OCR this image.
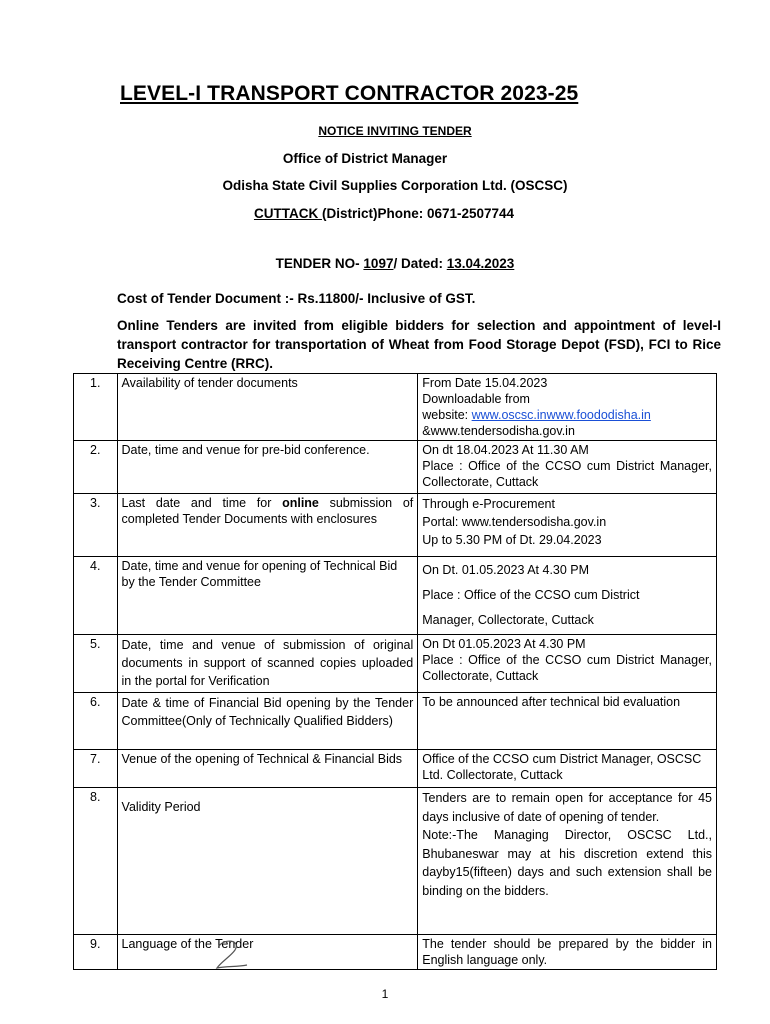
LEVEL-I TRANSPORT CONTRACTOR 2023-25
NOTICE INVITING TENDER
Office of District Manager
Odisha State Civil Supplies Corporation Ltd. (OSCSC)
CUTTACK (District)Phone: 0671-2507744
TENDER NO- 1097/ Dated: 13.04.2023
Cost of Tender Document :- Rs.11800/- Inclusive of GST.
Online Tenders are invited from eligible bidders for selection and appointment of level-I transport contractor for transportation of Wheat from Food Storage Depot (FSD), FCI to Rice Receiving Centre (RRC).
1.	Availability of tender documents	From Date 15.04.2023
Downloadable from
website: www.oscsc.inwww.foododisha.in
&www.tendersodisha.gov.in

2.	Date, time and venue for pre-bid conference.	On dt 18.04.2023 At 11.30 AM
Place : Office of the CCSO cum District Manager, Collectorate, Cuttack

3.	Last date and time for online submission of completed Tender Documents with enclosures	Through e-Procurement
Portal: www.tendersodisha.gov.in
Up to 5.30 PM of Dt. 29.04.2023

4.	Date, time and venue for opening of Technical Bid by the Tender Committee	On Dt. 01.05.2023 At 4.30 PM
Place : Office of the CCSO cum District
Manager, Collectorate, Cuttack

5.	Date, time and venue of submission of original documents in support of scanned copies uploaded in the portal for Verification	On Dt 01.05.2023 At 4.30 PM
Place : Office of the CCSO cum District Manager, Collectorate, Cuttack

6.	Date & time of Financial Bid opening by the Tender Committee(Only of Technically Qualified Bidders)	To be announced after technical bid evaluation
7.	Venue of the opening of Technical & Financial Bids	Office of the CCSO cum District Manager, OSCSC Ltd. Collectorate, Cuttack
8.	Validity Period	Tenders are to remain open for acceptance for 45 days inclusive of date of opening of tender.
Note:-The Managing Director, OSCSC Ltd., Bhubaneswar may at his discretion extend this dayby15(fifteen) days and such extension shall be binding on the bidders.

9.	Language of the Tender	The tender should be prepared by the bidder in English language only.
1
